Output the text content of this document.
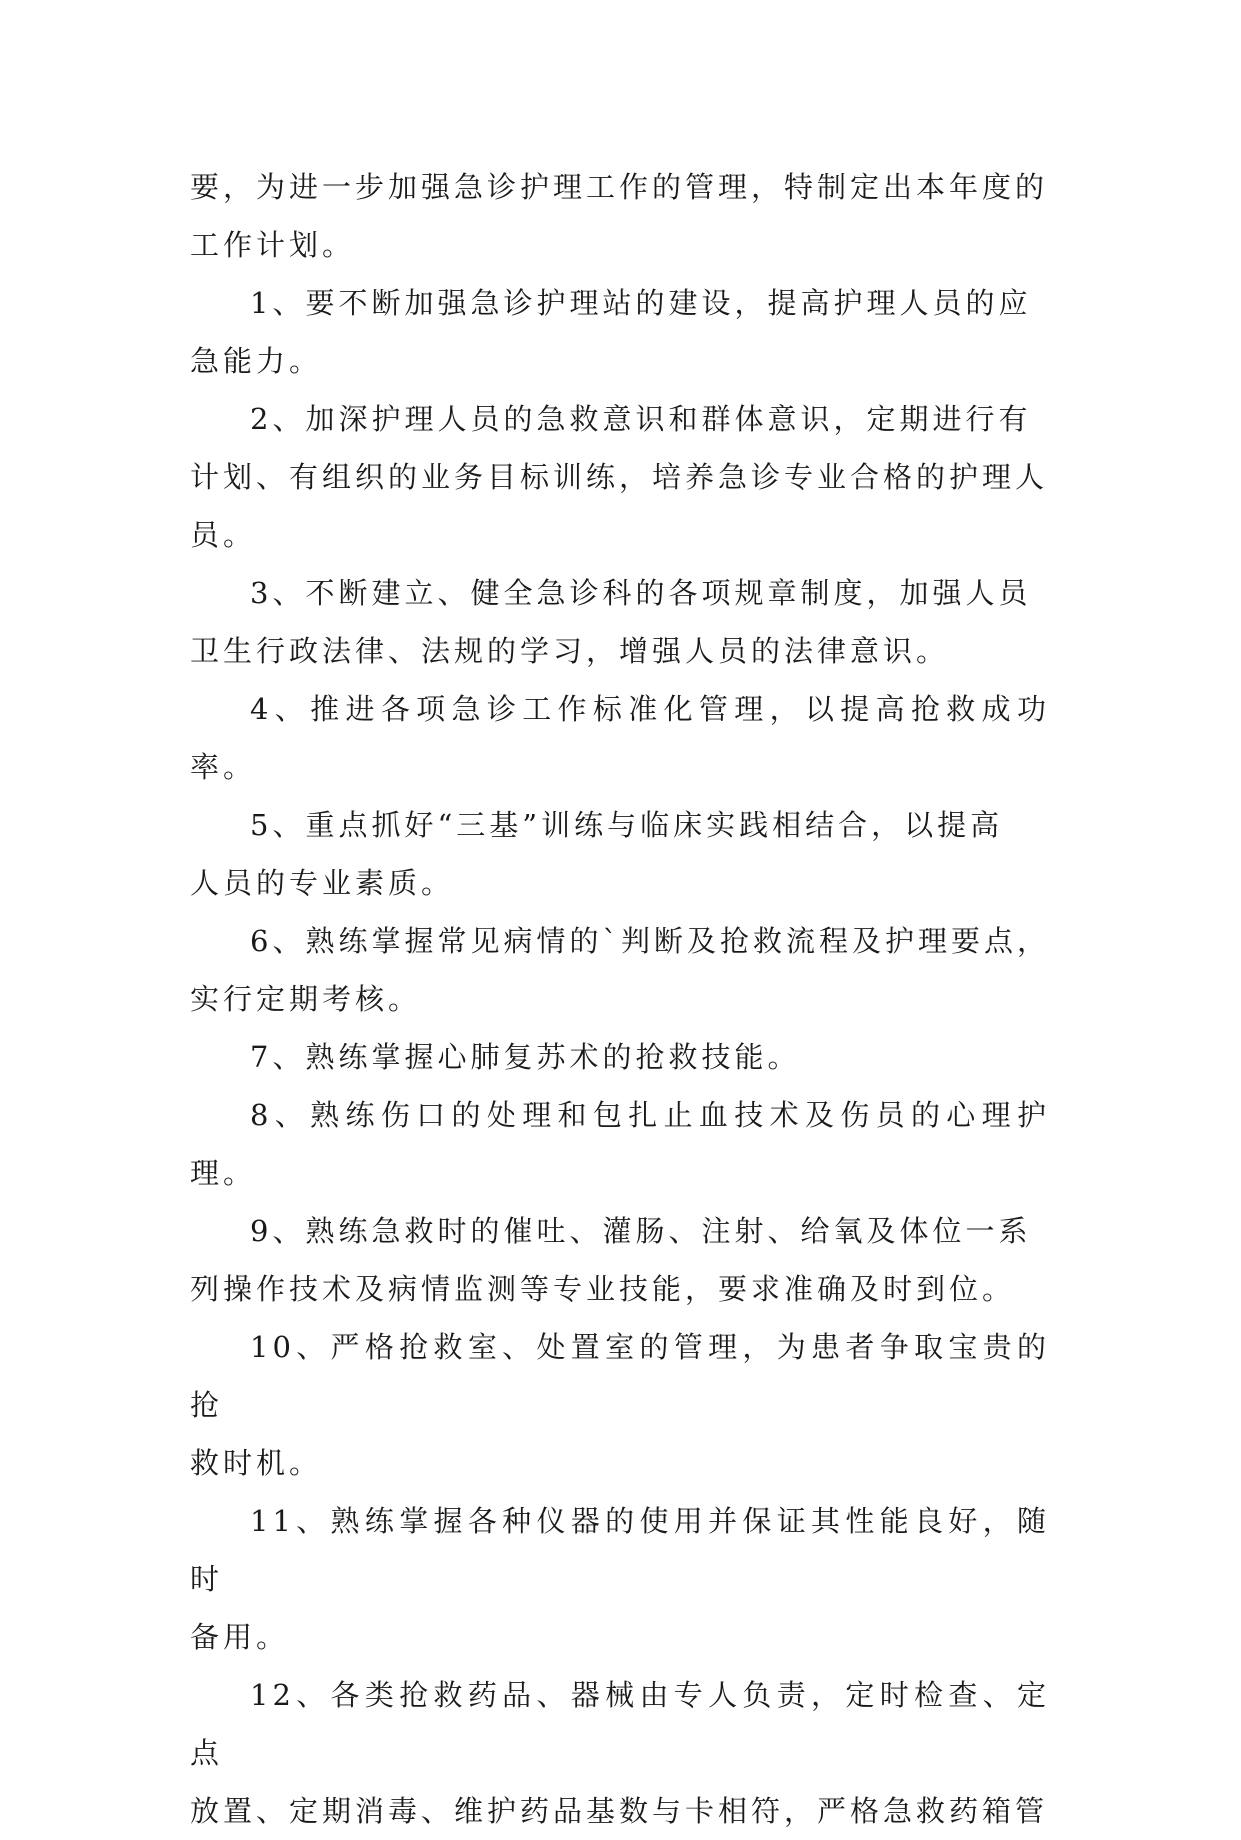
要，为进一步加强急诊护理工作的管理，特制定出本年度的
工作计划。

1、要不断加强急诊护理站的建设，提高护理人员的应
急能力。

2、加深护理人员的急救意识和群体意识，定期进行有
计划、有组织的业务目标训练，培养急诊专业合格的护理人
员。

3、不断建立、健全急诊科的各项规章制度，加强人员
卫生行政法律、法规的学习，增强人员的法律意识。

4、推进各项急诊工作标准化管理，以提高抢救成功率。

5、重点抓好“三基”训练与临床实践相结合，以提高
人员的专业素质。

6、熟练掌握常见病情的`判断及抢救流程及护理要点，
实行定期考核。

7、熟练掌握心肺复苏术的抢救技能。

8、熟练伤口的处理和包扎止血技术及伤员的心理护理。

9、熟练急救时的催吐、灌肠、注射、给氧及体位一系
列操作技术及病情监测等专业技能，要求准确及时到位。

10、严格抢救室、处置室的管理，为患者争取宝贵的抢
救时机。

11、熟练掌握各种仪器的使用并保证其性能良好，随时
备用。

12、各类抢救药品、器械由专人负责，定时检查、定点
放置、定期消毒、维护药品基数与卡相符，严格急救药箱管
